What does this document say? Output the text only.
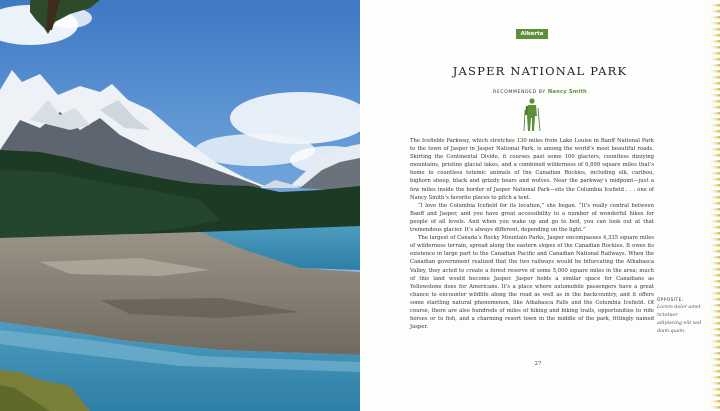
Alberta
JASPER NATIONAL PARK
RECOMMENDED BY Nancy Smith

The Icefields Parkway, which stretches 130 miles from Lake Louise in Banff National Park to the town of Jasper in Jasper National Park, is among the world’s most beautiful roads. Skirting the Continental Divide, it courses past some 100 glaciers, countless dizzying mountains, pristine glacial lakes, and a combined wilderness of 6,899 square miles that’s home to countless totemic animals of the Canadian Rockies, including elk, caribou, bighorn sheep, black and grizzly bears and wolves. Near the parkway’s midpoint—just a few miles inside the border of Jasper National Park—sits the Columbia Icefield . . . one of Nancy Smith’s favorite places to pitch a tent.

“I love the Columbia Icefield for its location,” she began. “It’s really central between Banff and Jasper, and you have great accessibility to a number of wonderful hikes for people of all levels. And when you wake up and go to bed, you can look out at that tremendous glacier. It’s always different, depending on the light.”

The largest of Canada’s Rocky Mountain Parks, Jasper encompasses 4,335 square miles of wilderness terrain, spread along the eastern slopes of the Canadian Rockies. It owes its existence in large part to the Canadian Pacific and Canadian National Railways. When the Canadian government realized that the two railways would be bifurcating the Athabasca Valley, they acted to create a forest reserve of some 5,000 square miles in the area; much of this land would become Jasper. Jasper holds a similar space for Canadians as Yellowstone does for Americans. It’s a place where automobile passengers have a great chance to encounter wildlife along the road as well as in the backcountry, and it offers some startling natural phenomenon, like Athabasca Falls and the Columbia Icefield. Of course, there are also hundreds of miles of hiking and biking trails, opportunities to ride horses or to fish, and a charming resort town in the middle of the park, fittingly named Jasper.

OPPOSITE:
Lorem dolor amet nctetuer adipiscing elit sed diam quam.
27
